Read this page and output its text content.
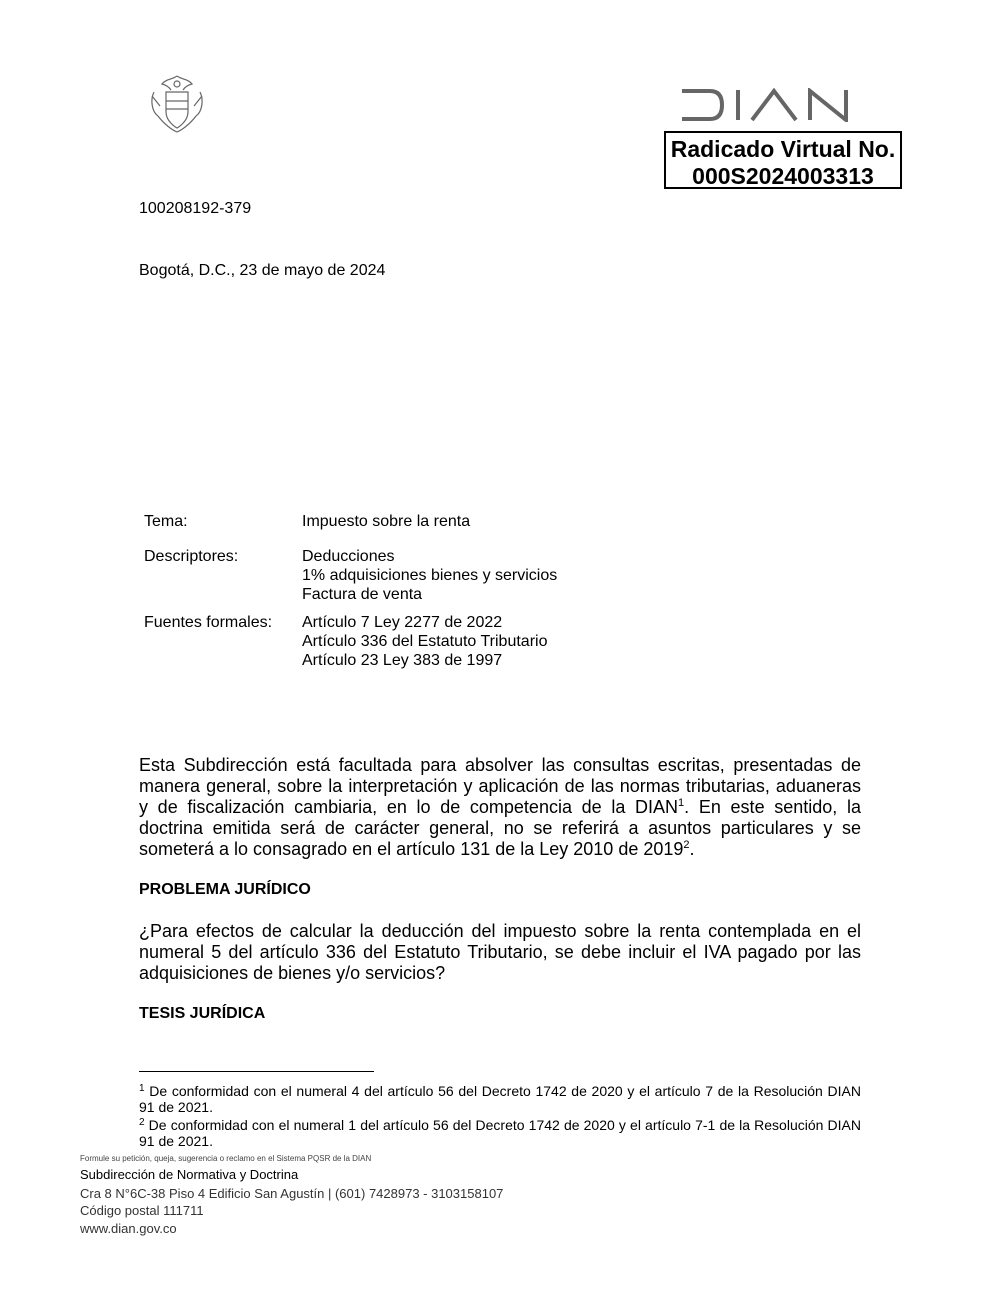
Radicado Virtual No.
000S2024003313
100208192-379
Bogotá, D.C., 23 de mayo de 2024
Tema:	Impuesto sobre la renta
Descriptores:	Deducciones
1% adquisiciones bienes y servicios
Factura de venta
Fuentes formales: Artículo 7 Ley 2277 de 2022
Artículo 336 del Estatuto Tributario
Artículo 23 Ley 383 de 1997
Esta Subdirección está facultada para absolver las consultas escritas, presentadas de manera general, sobre la interpretación y aplicación de las normas tributarias, aduaneras y de fiscalización cambiaria, en lo de competencia de la DIAN$^1$. En este sentido, la doctrina emitida será de carácter general, no se referirá a asuntos particulares y se someterá a lo consagrado en el artículo 131 de la Ley 2010 de 2019$^2$.
PROBLEMA JURÍDICO
¿Para efectos de calcular la deducción del impuesto sobre la renta contemplada en el numeral 5 del artículo 336 del Estatuto Tributario, se debe incluir el IVA pagado por las adquisiciones de bienes y/o servicios?
TESIS JURÍDICA
$^1$ De conformidad con el numeral 4 del artículo 56 del Decreto 1742 de 2020 y el artículo 7 de la Resolución DIAN 91 de 2021.
$^2$ De conformidad con el numeral 1 del artículo 56 del Decreto 1742 de 2020 y el artículo 7-1 de la Resolución DIAN 91 de 2021.
Formule su petición, queja, sugerencia o reclamo en el Sistema PQSR de la DIAN
Subdirección de Normativa y Doctrina
Cra 8 N°6C-38 Piso 4 Edificio San Agustín | (601) 7428973 - 3103158107
Código postal 111711
www.dian.gov.co
